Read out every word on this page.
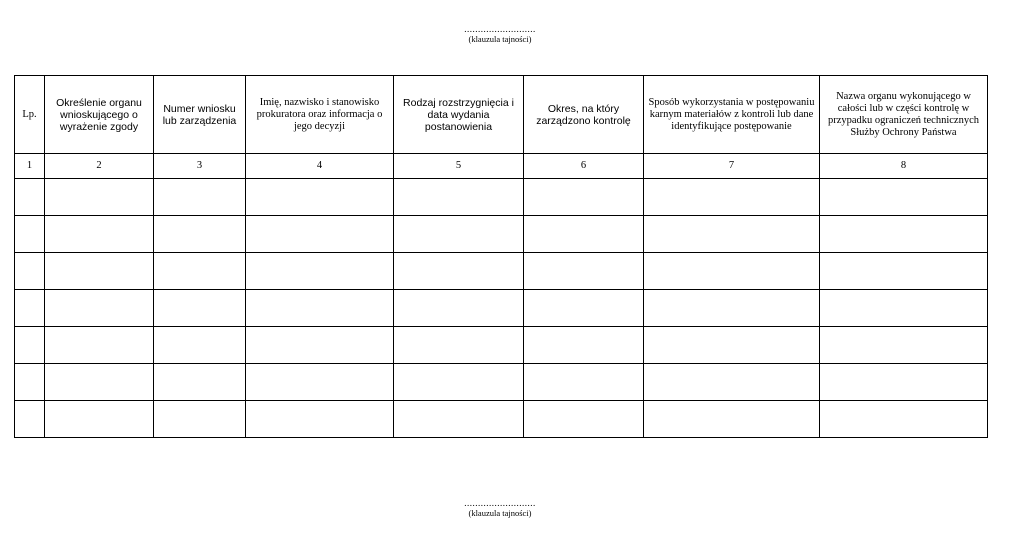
..........................
(klauzula tajności)
Lp.	Określenie organu wnioskującego o wyrażenie zgody	Numer wniosku lub zarządzenia	Imię, nazwisko i stanowisko prokuratora oraz informacja o jego decyzji	Rodzaj rozstrzygnięcia i data wydania postanowienia	Okres, na który zarządzono kontrolę	Sposób wykorzystania w postępowaniu karnym materiałów z kontroli lub dane identyfikujące postępowanie	Nazwa organu wykonującego w całości lub w części kontrolę w przypadku ograniczeń technicznych Służby Ochrony Państwa
1	2	3	4	5	6	7	8

..........................
(klauzula tajności)
